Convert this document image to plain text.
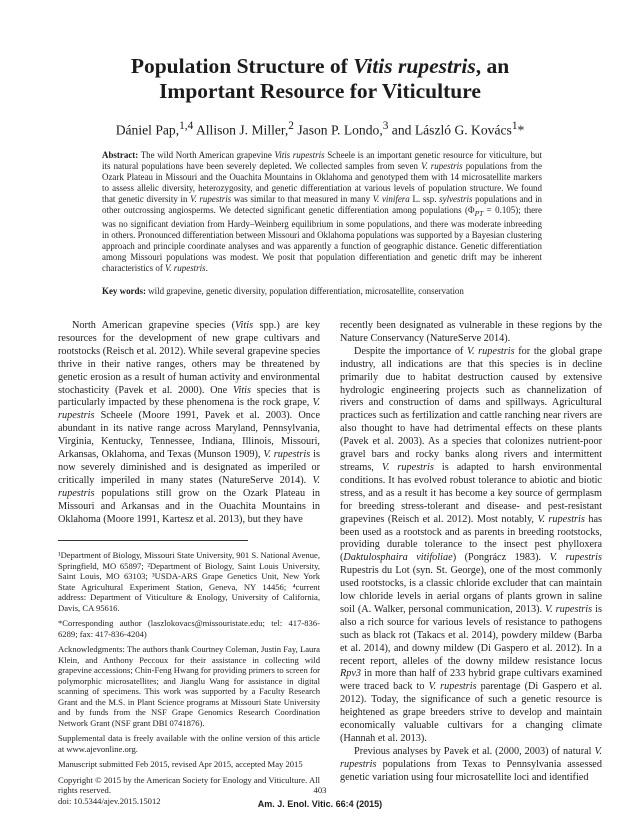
Population Structure of Vitis rupestris, an
Important Resource for Viticulture
Dániel Pap,$^{1,4}$ Allison J. Miller,$^2$ Jason P. Londo,$^3$ and László G. Kovács$^1$*
Abstract: The wild North American grapevine Vitis rupestris Scheele is an important genetic resource for viticulture, but its natural populations have been severely depleted. We collected samples from seven V. rupestris populations from the Ozark Plateau in Missouri and the Ouachita Mountains in Oklahoma and genotyped them with 14 microsatellite markers to assess allelic diversity, heterozygosity, and genetic differentiation at various levels of population structure. We found that genetic diversity in V. rupestris was similar to that measured in many V. vinifera L. ssp. sylvestris populations and in other outcrossing angiosperms. We detected significant genetic differentiation among populations $(\Phi_{PT} = 0.105)$; there was no significant deviation from Hardy–Weinberg equilibrium in some populations, and there was moderate inbreeding in others. Pronounced differentiation between Missouri and Oklahoma populations was supported by a Bayesian clustering approach and principle coordinate analyses and was apparently a function of geographic distance. Genetic differentiation among Missouri populations was modest. We posit that population differentiation and genetic drift may be inherent characteristics of V. rupestris.
Key words: wild grapevine, genetic diversity, population differentiation, microsatellite, conservation

North American grapevine species (Vitis spp.) are key resources for the development of new grape cultivars and rootstocks (Reisch et al. 2012). While several grapevine species thrive in their native ranges, others may be threatened by genetic erosion as a result of human activity and environmental stochasticity (Pavek et al. 2000). One Vitis species that is particularly impacted by these phenomena is the rock grape, V. rupestris Scheele (Moore 1991, Pavek et al. 2003). Once abundant in its native range across Maryland, Pennsylvania, Virginia, Kentucky, Tennessee, Indiana, Illinois, Missouri, Arkansas, Oklahoma, and Texas (Munson 1909), V. rupestris is now severely diminished and is designated as imperiled or critically imperiled in many states (NatureServe 2014). V. rupestris populations still grow on the Ozark Plateau in Missouri and Arkansas and in the Ouachita Mountains in Oklahoma (Moore 1991, Kartesz et al. 2013), but they have

¹Department of Biology, Missouri State University, 901 S. National Avenue, Springfield, MO 65897; ²Department of Biology, Saint Louis University, Saint Louis, MO 63103; ³USDA-ARS Grape Genetics Unit, New York State Agricultural Experiment Station, Geneva, NY 14456; ⁴current address: Department of Viticulture & Enology, University of California, Davis, CA 95616.

*Corresponding author (laszlokovacs@missouristate.edu; tel: 417-836-6289; fax: 417-836-4204)

Acknowledgments: The authors thank Courtney Coleman, Justin Fay, Laura Klein, and Anthony Peccoux for their assistance in collecting wild grapevine accessions; Chin-Feng Hwang for providing primers to screen for polymorphic microsatellites; and Jianglu Wang for assistance in digital scanning of specimens. This work was supported by a Faculty Research Grant and the M.S. in Plant Science programs at Missouri State University and by funds from the NSF Grape Genomics Research Coordination Network Grant (NSF grant DBI 0741876).

Supplemental data is freely available with the online version of this article at www.ajevonline.org.

Manuscript submitted Feb 2015, revised Apr 2015, accepted May 2015

Copyright © 2015 by the American Society for Enology and Viticulture. All rights reserved.

doi: 10.5344/ajev.2015.15012

recently been designated as vulnerable in these regions by the Nature Conservancy (NatureServe 2014).

Despite the importance of V. rupestris for the global grape industry, all indications are that this species is in decline primarily due to habitat destruction caused by extensive hydrologic engineering projects such as channelization of rivers and construction of dams and spillways. Agricultural practices such as fertilization and cattle ranching near rivers are also thought to have had detrimental effects on these plants (Pavek et al. 2003). As a species that colonizes nutrient-poor gravel bars and rocky banks along rivers and intermittent streams, V. rupestris is adapted to harsh environmental conditions. It has evolved robust tolerance to abiotic and biotic stress, and as a result it has become a key source of germplasm for breeding stress-tolerant and disease- and pest-resistant grapevines (Reisch et al. 2012). Most notably, V. rupestris has been used as a rootstock and as parents in breeding rootstocks, providing durable tolerance to the insect pest phylloxera (Daktulosphaira vitifoliae) (Pongrácz 1983). V. rupestris Rupestris du Lot (syn. St. George), one of the most commonly used rootstocks, is a classic chloride excluder that can maintain low chloride levels in aerial organs of plants grown in saline soil (A. Walker, personal communication, 2013). V. rupestris is also a rich source for various levels of resistance to pathogens such as black rot (Takacs et al. 2014), powdery mildew (Barba et al. 2014), and downy mildew (Di Gaspero et al. 2012). In a recent report, alleles of the downy mildew resistance locus Rpv3 in more than half of 233 hybrid grape cultivars examined were traced back to V. rupestris parentage (Di Gaspero et al. 2012). Today, the significance of such a genetic resource is heightened as grape breeders strive to develop and maintain economically valuable cultivars for a changing climate (Hannah et al. 2013).

Previous analyses by Pavek et al. (2000, 2003) of natural V. rupestris populations from Texas to Pennsylvania assessed genetic variation using four microsatellite loci and identified

403
Am. J. Enol. Vitic. 66:4 (2015)
